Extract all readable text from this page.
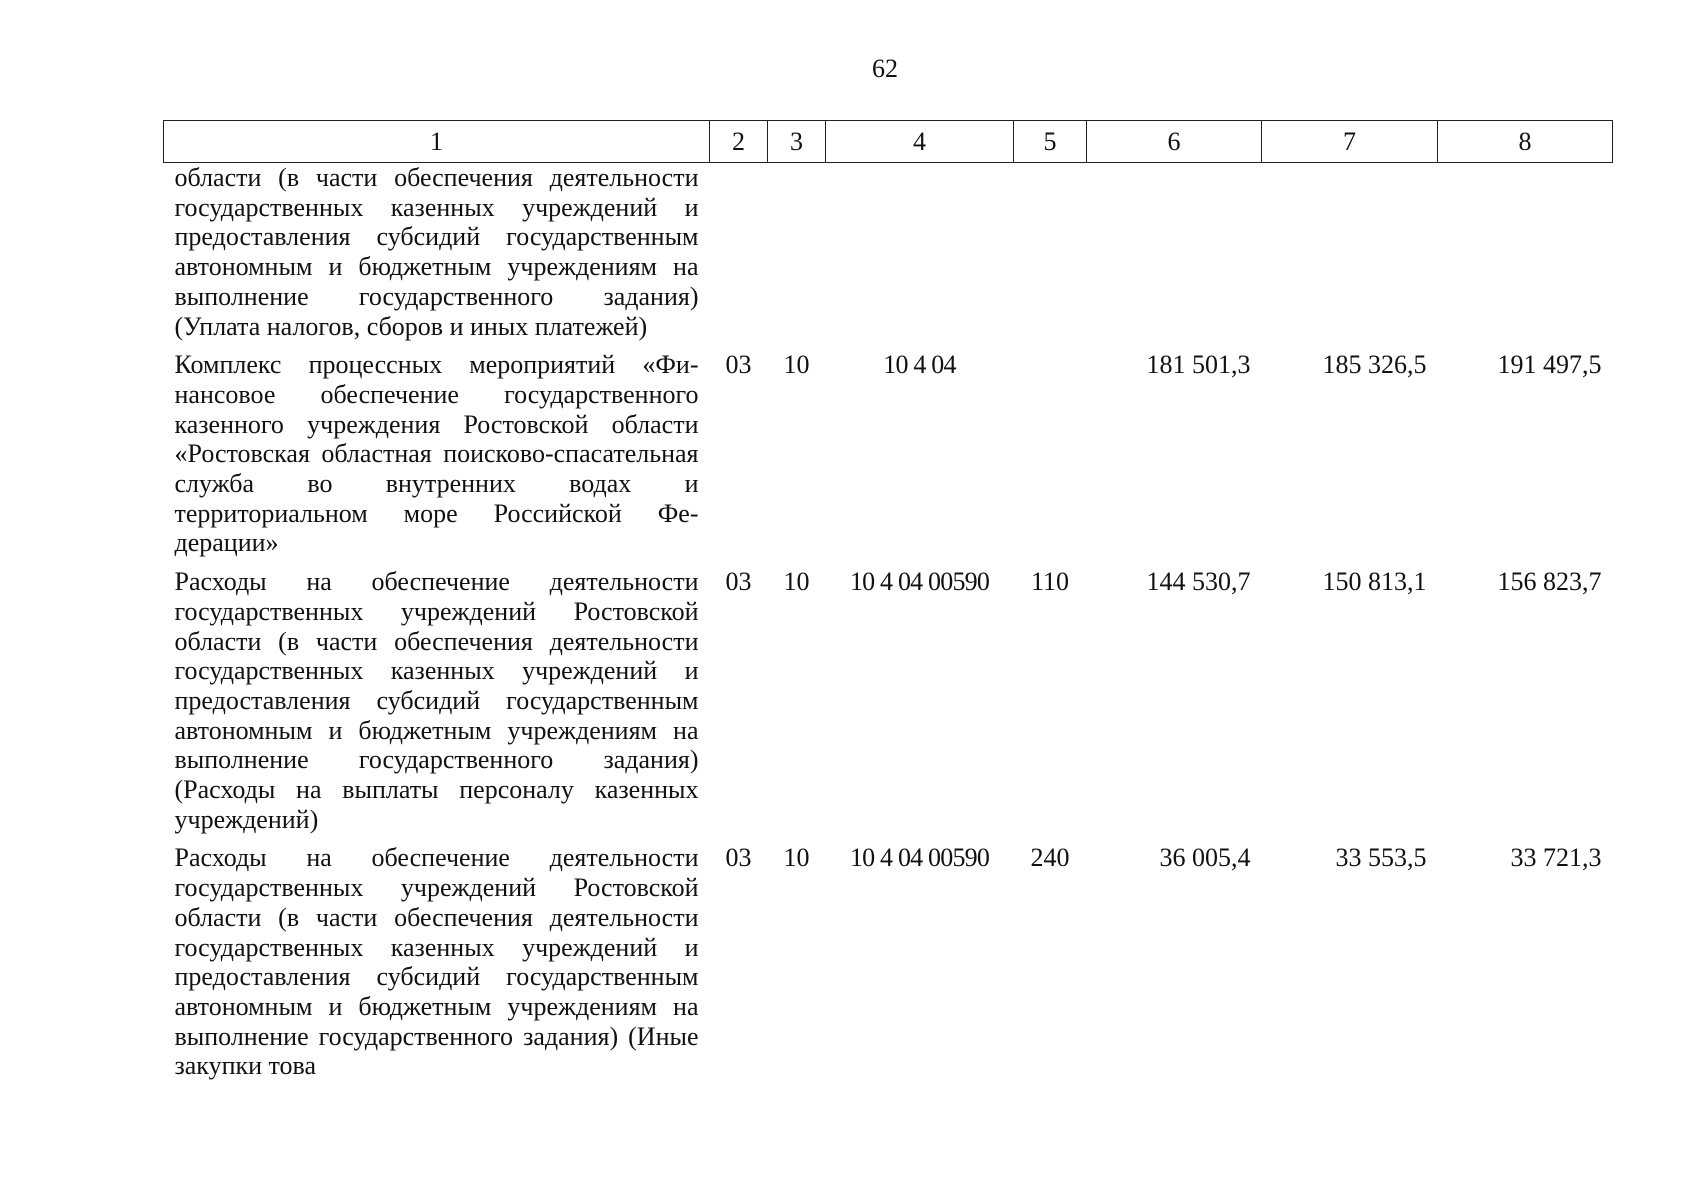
62
1	2	3	4	5	6	7	8
области (в части обеспечения деятельности государственных казенных учреждений и предоставления субсидий государственным автономным и бюджетным учреждениям на выполнение государственного задания) (Уплата налогов, сборов и иных платежей)							
Комплекс процессных мероприятий «Финансовое обеспечение государственного казенного учреждения Ростовской области «Ростовская областная поисково-спасательная служба во внутренних водах и территориальном море Российской Федерации»	03	10	10 4 04		181 501,3	185 326,5	191 497,5
Расходы на обеспечение деятельности государственных учреждений Ростовской области (в части обеспечения деятельности государственных казенных учреждений и предоставления субсидий государственным автономным и бюджетным учреждениям на выполнение государственного задания) (Расходы на выплаты персоналу казенных учреждений)	03	10	10 4 04 00590	110	144 530,7	150 813,1	156 823,7
Расходы на обеспечение деятельности государственных учреждений Ростовской области (в части обеспечения деятельности государственных казенных учреждений и предоставления субсидий государственным автономным и бюджетным учреждениям на выполнение государственного задания) (Иные закупки това	03	10	10 4 04 00590	240	36 005,4	33 553,5	33 721,3
